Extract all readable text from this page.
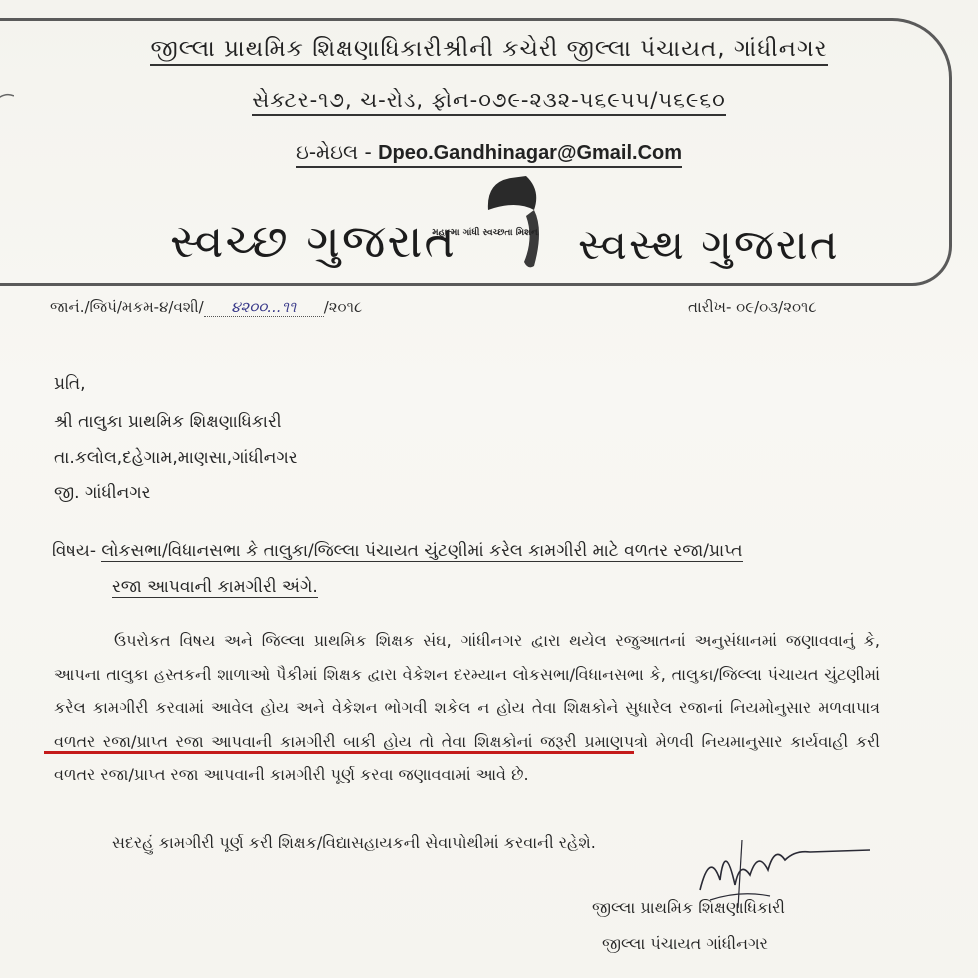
જીલ્લા પ્રાથમિક શિક્ષણાધિકારીશ્રીની કચેરી જીલ્લા પંચાયત, ગાંધીનગર
સેક્ટર-૧૭, ચ-રોડ, ફોન-૦૭૯-૨૩૨-૫૬૯૫૫/૫૬૯૬૦
ઇ-મેઇલ - Dpeo.Gandhinagar@Gmail.Com
સ્વચ્છ ગુજરાત
મહાત્મા ગાંધી સ્વચ્છતા મિશન સ્વસ્થ ગુજરાત
જાનં./જિપં/મકમ-૪/વશી/ ૪૨૦૦...૧૧ /૨૦૧૮	તારીખ- ૦૯/૦૩/૨૦૧૮
પ્રતિ,
શ્રી તાલુકા પ્રાથમિક શિક્ષણાધિકારી
તા.કલોલ,દહેગામ,માણસા,ગાંધીનગર
જી. ગાંધીનગર
વિષય- લોકસભા/વિધાનસભા કે તાલુકા/જિલ્લા પંચાયત ચુંટણીમાં કરેલ કામગીરી માટે વળતર રજા/પ્રાપ્ત
રજા આપવાની કામગીરી અંગે.
ઉપરોકત વિષય અને જિલ્લા પ્રાથમિક શિક્ષક સંઘ, ગાંધીનગર દ્વારા થયેલ રજુઆતનાં અનુસંધાનમાં જણાવવાનું કે, આપના તાલુકા હસ્તકની શાળાઓ પૈકીમાં શિક્ષક દ્વારા વેકેશન દરમ્યાન લોકસભા/વિધાનસભા કે, તાલુકા/જિલ્લા પંચાયત ચુંટણીમાં કરેલ કામગીરી કરવામાં આવેલ હોય અને વેકેશન ભોગવી શકેલ ન હોય તેવા શિક્ષકોને સુધારેલ રજાનાં નિયમોનુસાર મળવાપાત્ર વળતર રજા/પ્રાપ્ત રજા આપવાની કામગીરી બાકી હોય તો તેવા શિક્ષકોનાં જરૂરી પ્રમાણપત્રો મેળવી નિયમાનુસાર કાર્યવાહી કરી વળતર રજા/પ્રાપ્ત રજા આપવાની કામગીરી પૂર્ણ કરવા જણાવવામાં આવે છે.
સદરહું કામગીરી પૂર્ણ કરી શિક્ષક/વિદ્યાસહાયકની સેવાપોથીમાં કરવાની રહેશે.
જીલ્લા પ્રાથમિક શિક્ષણાધિકારી
જીલ્લા પંચાયત ગાંધીનગર
